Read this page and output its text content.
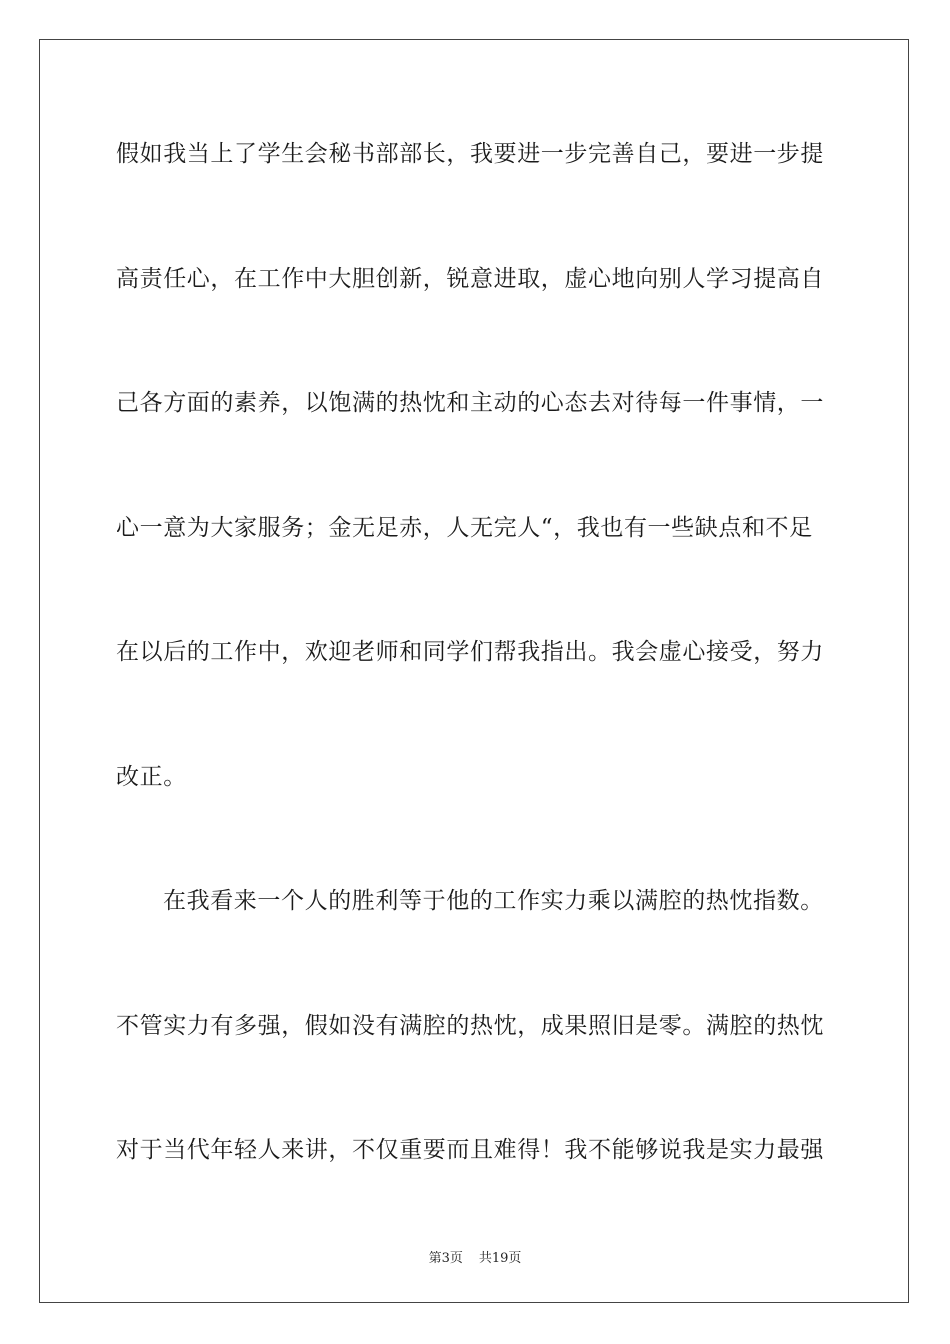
假如我当上了学生会秘书部部长，我要进一步完善自己，要进一步提
高责任心，在工作中大胆创新，锐意进取，虚心地向别人学习提高自
己各方面的素养，以饱满的热忱和主动的心态去对待每一件事情，一
心一意为大家服务；金无足赤，人无完人“，我也有一些缺点和不足
在以后的工作中，欢迎老师和同学们帮我指出。我会虚心接受，努力
改正。
在我看来一个人的胜利等于他的工作实力乘以满腔的热忱指数。
不管实力有多强，假如没有满腔的热忱，成果照旧是零。满腔的热忱
对于当代年轻人来讲，不仅重要而且难得！我不能够说我是实力最强
第3页 共19页
